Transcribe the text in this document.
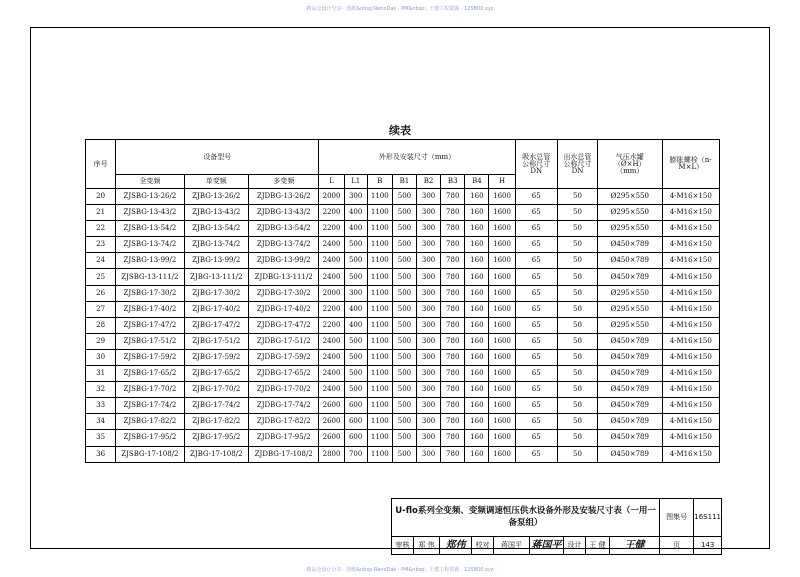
精品仓设计分享 · 图纸&nbsp;RenoDak · PM&nbsp;. 王健工程资源 · 12SB00.xyz
精品仓设计分享 · 图纸&nbsp;RenoDak · PM&nbsp;. 王健工程资源 · 12SB00.xyz
续表
序号	设备型号			外形及安装尺寸（mm）								吸水总管公称尺寸DN	出水总管公称尺寸DN	气压水罐（Ø×H）（mm）	膨胀螺栓（n-M×L）
	全变频	单变频	多变频	L	L1	B	B1	B2	B3	B4	H				
20	ZJSBG-13-26/2	ZJBG-13-26/2	ZJDBG-13-26/2	2000	300	1100	500	300	780	160	1600	65	50	Ø295×550	4-M16×150
21	ZJSBG-13-43/2	ZJBG-13-43/2	ZJDBG-13-43/2	2200	400	1100	500	300	780	160	1600	65	50	Ø295×550	4-M16×150
22	ZJSBG-13-54/2	ZJBG-13-54/2	ZJDBG-13-54/2	2200	400	1100	500	300	780	160	1600	65	50	Ø295×550	4-M16×150
23	ZJSBG-13-74/2	ZJBG-13-74/2	ZJDBG-13-74/2	2400	500	1100	500	300	780	160	1600	65	50	Ø450×789	4-M16×150
24	ZJSBG-13-99/2	ZJBG-13-99/2	ZJDBG-13-99/2	2400	500	1100	500	300	780	160	1600	65	50	Ø450×789	4-M16×150
25	ZJSBG-13-111/2	ZJBG-13-111/2	ZJDBG-13-111/2	2400	500	1100	500	300	780	160	1600	65	50	Ø450×789	4-M16×150
26	ZJSBG-17-30/2	ZJBG-17-30/2	ZJDBG-17-30/2	2000	300	1100	500	300	780	160	1600	65	50	Ø295×550	4-M16×150
27	ZJSBG-17-40/2	ZJBG-17-40/2	ZJDBG-17-40/2	2200	400	1100	500	300	780	160	1600	65	50	Ø295×550	4-M16×150
28	ZJSBG-17-47/2	ZJBG-17-47/2	ZJDBG-17-47/2	2200	400	1100	500	300	780	160	1600	65	50	Ø295×550	4-M16×150
29	ZJSBG-17-51/2	ZJBG-17-51/2	ZJDBG-17-51/2	2400	500	1100	500	300	780	160	1600	65	50	Ø450×789	4-M16×150
30	ZJSBG-17-59/2	ZJBG-17-59/2	ZJDBG-17-59/2	2400	500	1100	500	300	780	160	1600	65	50	Ø450×789	4-M16×150
31	ZJSBG-17-65/2	ZJBG-17-65/2	ZJDBG-17-65/2	2400	500	1100	500	300	780	160	1600	65	50	Ø450×789	4-M16×150
32	ZJSBG-17-70/2	ZJBG-17-70/2	ZJDBG-17-70/2	2400	500	1100	500	300	780	160	1600	65	50	Ø450×789	4-M16×150
33	ZJSBG-17-74/2	ZJBG-17-74/2	ZJDBG-17-74/2	2600	600	1100	500	300	780	160	1600	65	50	Ø450×789	4-M16×150
34	ZJSBG-17-82/2	ZJBG-17-82/2	ZJDBG-17-82/2	2600	600	1100	500	300	780	160	1600	65	50	Ø450×789	4-M16×150
35	ZJSBG-17-95/2	ZJBG-17-95/2	ZJDBG-17-95/2	2600	600	1100	500	300	780	160	1600	65	50	Ø450×789	4-M16×150
36	ZJSBG-17-108/2	ZJBG-17-108/2	ZJDBG-17-108/2	2800	700	1100	500	300	780	160	1600	65	50	Ø450×789	4-M16×150
U-flo系列全变频、变频调速恒压供水设备外形及安装尺寸表（一用一备泵组）									图集号	16S111
审核	郑 伟	郑伟	校对	蒋国平	蒋国平	设计	王 健	王健	页	143
